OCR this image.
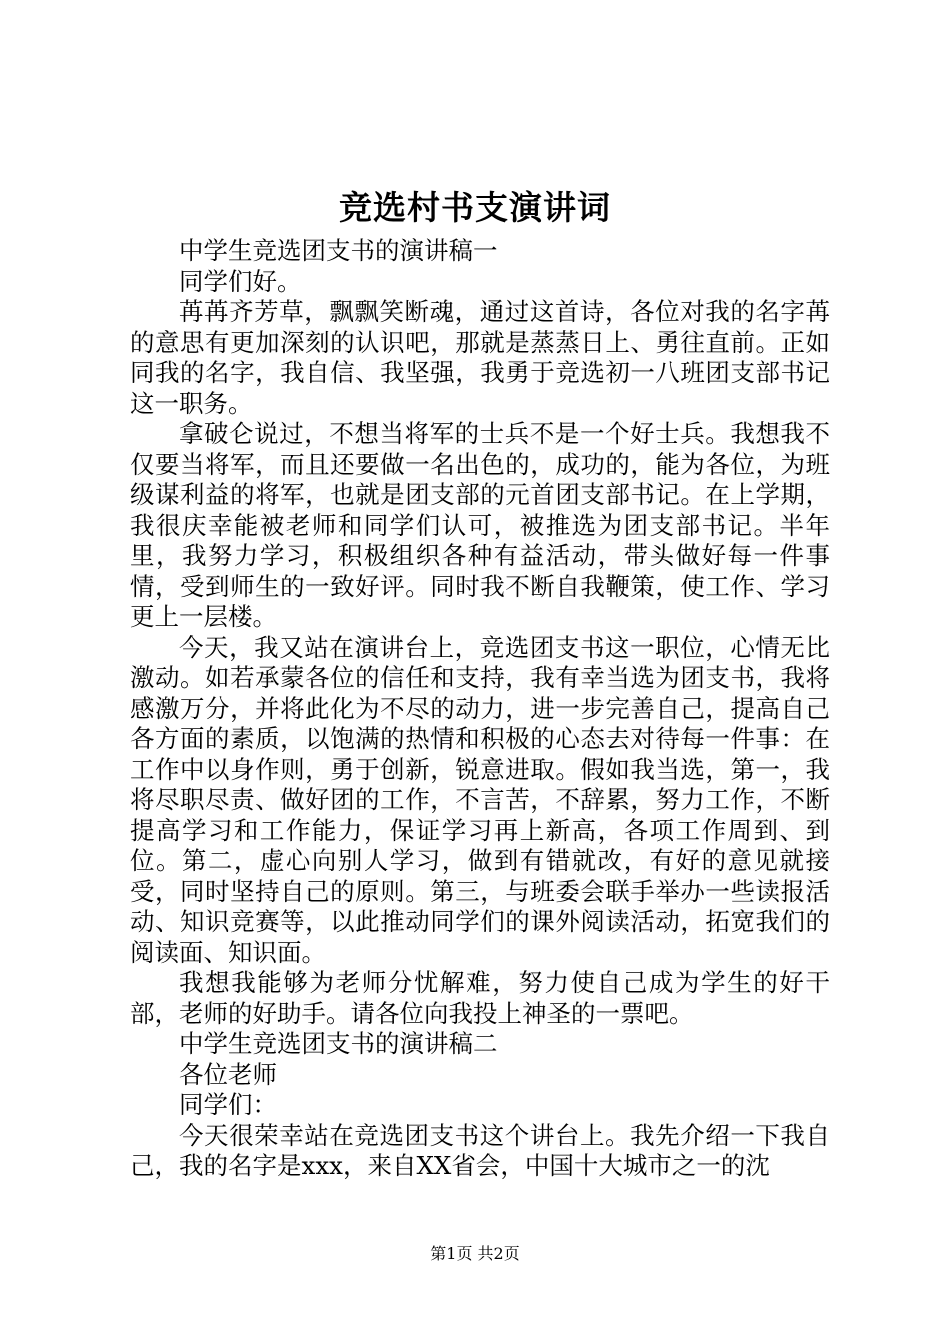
竞选村书支演讲词

中学生竞选团支书的演讲稿一

同学们好。

苒苒齐芳草，飘飘笑断魂，通过这首诗，各位对我的名字苒的意思有更加深刻的认识吧，那就是蒸蒸日上、勇往直前。正如同我的名字，我自信、我坚强，我勇于竞选初一八班团支部书记这一职务。

拿破仑说过，不想当将军的士兵不是一个好士兵。我想我不仅要当将军，而且还要做一名出色的，成功的，能为各位，为班级谋利益的将军，也就是团支部的元首团支部书记。在上学期，我很庆幸能被老师和同学们认可，被推选为团支部书记。半年里，我努力学习，积极组织各种有益活动，带头做好每一件事情，受到师生的一致好评。同时我不断自我鞭策，使工作、学习更上一层楼。

今天，我又站在演讲台上，竞选团支书这一职位，心情无比激动。如若承蒙各位的信任和支持，我有幸当选为团支书，我将感激万分，并将此化为不尽的动力，进一步完善自己，提高自己各方面的素质，以饱满的热情和积极的心态去对待每一件事：在工作中以身作则，勇于创新，锐意进取。假如我当选，第一，我将尽职尽责、做好团的工作，不言苦，不辞累，努力工作，不断提高学习和工作能力，保证学习再上新高，各项工作周到、到位。第二，虚心向别人学习，做到有错就改，有好的意见就接受，同时坚持自己的原则。第三，与班委会联手举办一些读报活动、知识竞赛等，以此推动同学们的课外阅读活动，拓宽我们的阅读面、知识面。

我想我能够为老师分忧解难，努力使自己成为学生的好干部，老师的好助手。请各位向我投上神圣的一票吧。

中学生竞选团支书的演讲稿二

各位老师

同学们：

今天很荣幸站在竞选团支书这个讲台上。我先介绍一下我自己，我的名字是xxx，来自XX省会，中国十大城市之一的沈

第1页 共2页
